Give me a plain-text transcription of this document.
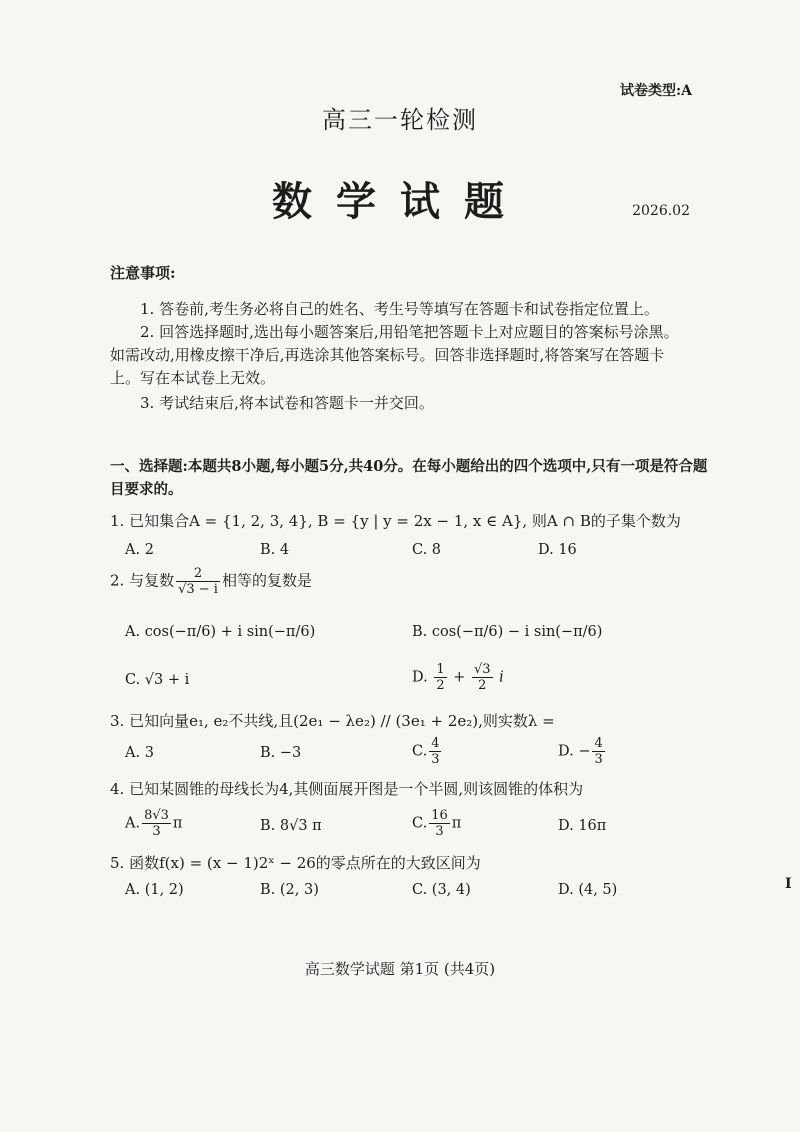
试卷类型:A
高三一轮检测
数学试题	2026.02
注意事项:
1. 答卷前,考生务必将自己的姓名、考生号等填写在答题卡和试卷指定位置上。
2. 回答选择题时,选出每小题答案后,用铅笔把答题卡上对应题目的答案标号涂黑。如需改动,用橡皮擦干净后,再选涂其他答案标号。回答非选择题时,将答案写在答题卡上。写在本试卷上无效。
3. 考试结束后,将本试卷和答题卡一并交回。
一、选择题:本题共8小题,每小题5分,共40分。在每小题给出的四个选项中,只有一项是符合题目要求的。
1. 已知集合A = {1, 2, 3, 4}, B = {y | y = 2x − 1, x ∈ A}, 则A ∩ B的子集个数为
A. 2	B. 4	C. 8	D. 16
2. 与复数 $\frac{2}{√3 - i}$ 相等的复数是
A. cos(−π/6) + i sin(−π/6)	B. cos(−π/6) − i sin(−π/6)
C. √3 + i	D. $\frac{1}{2} + \frac{√3}{2}$ i
3. 已知向量e₁, e₂不共线,且(2e₁ − λe₂) // (3e₁ + 2e₂),则实数λ =
A. 3	B. −3	C. $\frac{4}{3}$	D. − $\frac{4}{3}$
4. 已知某圆锥的母线长为4,其侧面展开图是一个半圆,则该圆锥的体积为
A. $\frac{8√3}{3}$ π	B. 8√3 π	C. $\frac{16}{3}$ π	D. 16π
5. 函数f(x) = (x − 1)2ˣ − 26的零点所在的大致区间为
A. (1, 2)	B. (2, 3)	C. (3, 4)	D. (4, 5)	I
高三数学试题 第1页 (共4页)
